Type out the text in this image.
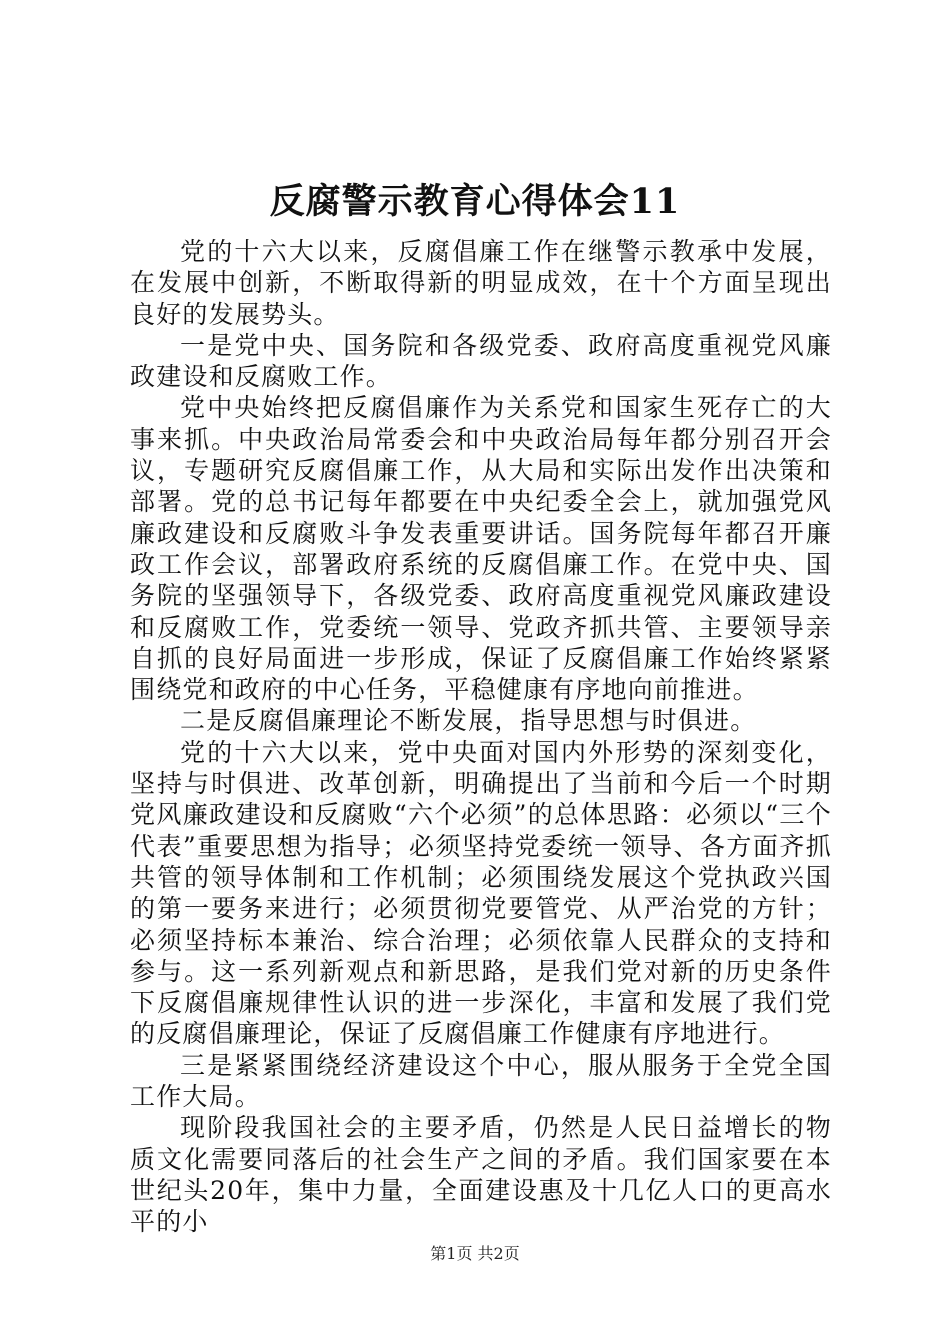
反腐警示教育心得体会11

党的十六大以来，反腐倡廉工作在继警示教承中发展，在发展中创新，不断取得新的明显成效，在十个方面呈现出良好的发展势头。

一是党中央、国务院和各级党委、政府高度重视党风廉政建设和反腐败工作。

党中央始终把反腐倡廉作为关系党和国家生死存亡的大事来抓。中央政治局常委会和中央政治局每年都分别召开会议，专题研究反腐倡廉工作，从大局和实际出发作出决策和部署。党的总书记每年都要在中央纪委全会上，就加强党风廉政建设和反腐败斗争发表重要讲话。国务院每年都召开廉政工作会议，部署政府系统的反腐倡廉工作。在党中央、国务院的坚强领导下，各级党委、政府高度重视党风廉政建设和反腐败工作，党委统一领导、党政齐抓共管、主要领导亲自抓的良好局面进一步形成，保证了反腐倡廉工作始终紧紧围绕党和政府的中心任务，平稳健康有序地向前推进。

二是反腐倡廉理论不断发展，指导思想与时俱进。

党的十六大以来，党中央面对国内外形势的深刻变化，坚持与时俱进、改革创新，明确提出了当前和今后一个时期党风廉政建设和反腐败“六个必须”的总体思路：必须以“三个代表”重要思想为指导；必须坚持党委统一领导、各方面齐抓共管的领导体制和工作机制；必须围绕发展这个党执政兴国的第一要务来进行；必须贯彻党要管党、从严治党的方针；必须坚持标本兼治、综合治理；必须依靠人民群众的支持和参与。这一系列新观点和新思路，是我们党对新的历史条件下反腐倡廉规律性认识的进一步深化，丰富和发展了我们党的反腐倡廉理论，保证了反腐倡廉工作健康有序地进行。

三是紧紧围绕经济建设这个中心，服从服务于全党全国工作大局。

现阶段我国社会的主要矛盾，仍然是人民日益增长的物质文化需要同落后的社会生产之间的矛盾。我们国家要在本世纪头20年，集中力量，全面建设惠及十几亿人口的更高水平的小

第1页 共2页
